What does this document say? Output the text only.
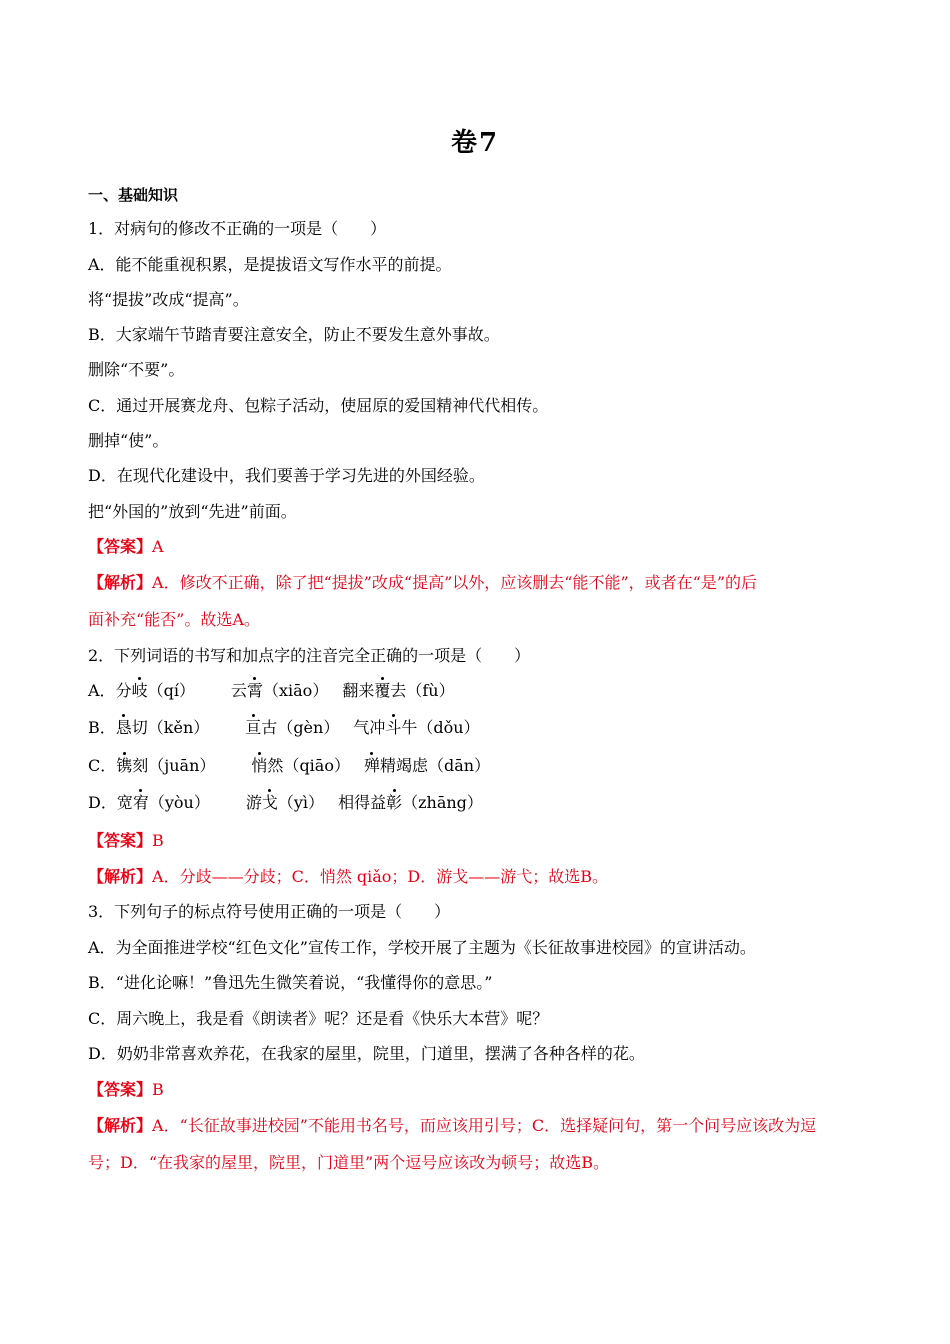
卷7
一、基础知识
1．对病句的修改不正确的一项是（　　）
A．能不能重视积累，是提拔语文写作水平的前提。
将“提拔”改成“提高”。
B．大家端午节踏青要注意安全，防止不要发生意外事故。
删除“不要”。
C．通过开展赛龙舟、包粽子活动，使屈原的爱国精神代代相传。
删掉“使”。
D．在现代化建设中，我们要善于学习先进的外国经验。
把“外国的”放到“先进”前面。
【答案】A
【解析】A．修改不正确，除了把“提拔”改成“提高”以外，应该删去“能不能”，或者在“是”的后
面补充“能否”。故选A。
2．下列词语的书写和加点字的注音完全正确的一项是（　　）
A．分岐（qí） 云霄（xiāo） 翻来覆去（fù）
B．恳切（kěn） 亘古（gèn） 气冲斗牛（dǒu）
C．镌刻（juān） 悄然（qiāo） 殚精竭虑（dān）
D．宽宥（yòu） 游戈（yì） 相得益彰（zhāng）
【答案】B
【解析】A．分歧——分歧；C．悄然 qiǎo；D．游戈——游弋；故选B。
3．下列句子的标点符号使用正确的一项是（　　）
A．为全面推进学校“红色文化”宣传工作，学校开展了主题为《长征故事进校园》的宣讲活动。
B．“进化论嘛！”鲁迅先生微笑着说，“我懂得你的意思。”
C．周六晚上，我是看《朗读者》呢？还是看《快乐大本营》呢？
D．奶奶非常喜欢养花，在我家的屋里，院里，门道里，摆满了各种各样的花。
【答案】B
【解析】A．“长征故事进校园”不能用书名号，而应该用引号；C．选择疑问句，第一个问号应该改为逗
号；D．“在我家的屋里，院里，门道里”两个逗号应该改为顿号；故选B。
